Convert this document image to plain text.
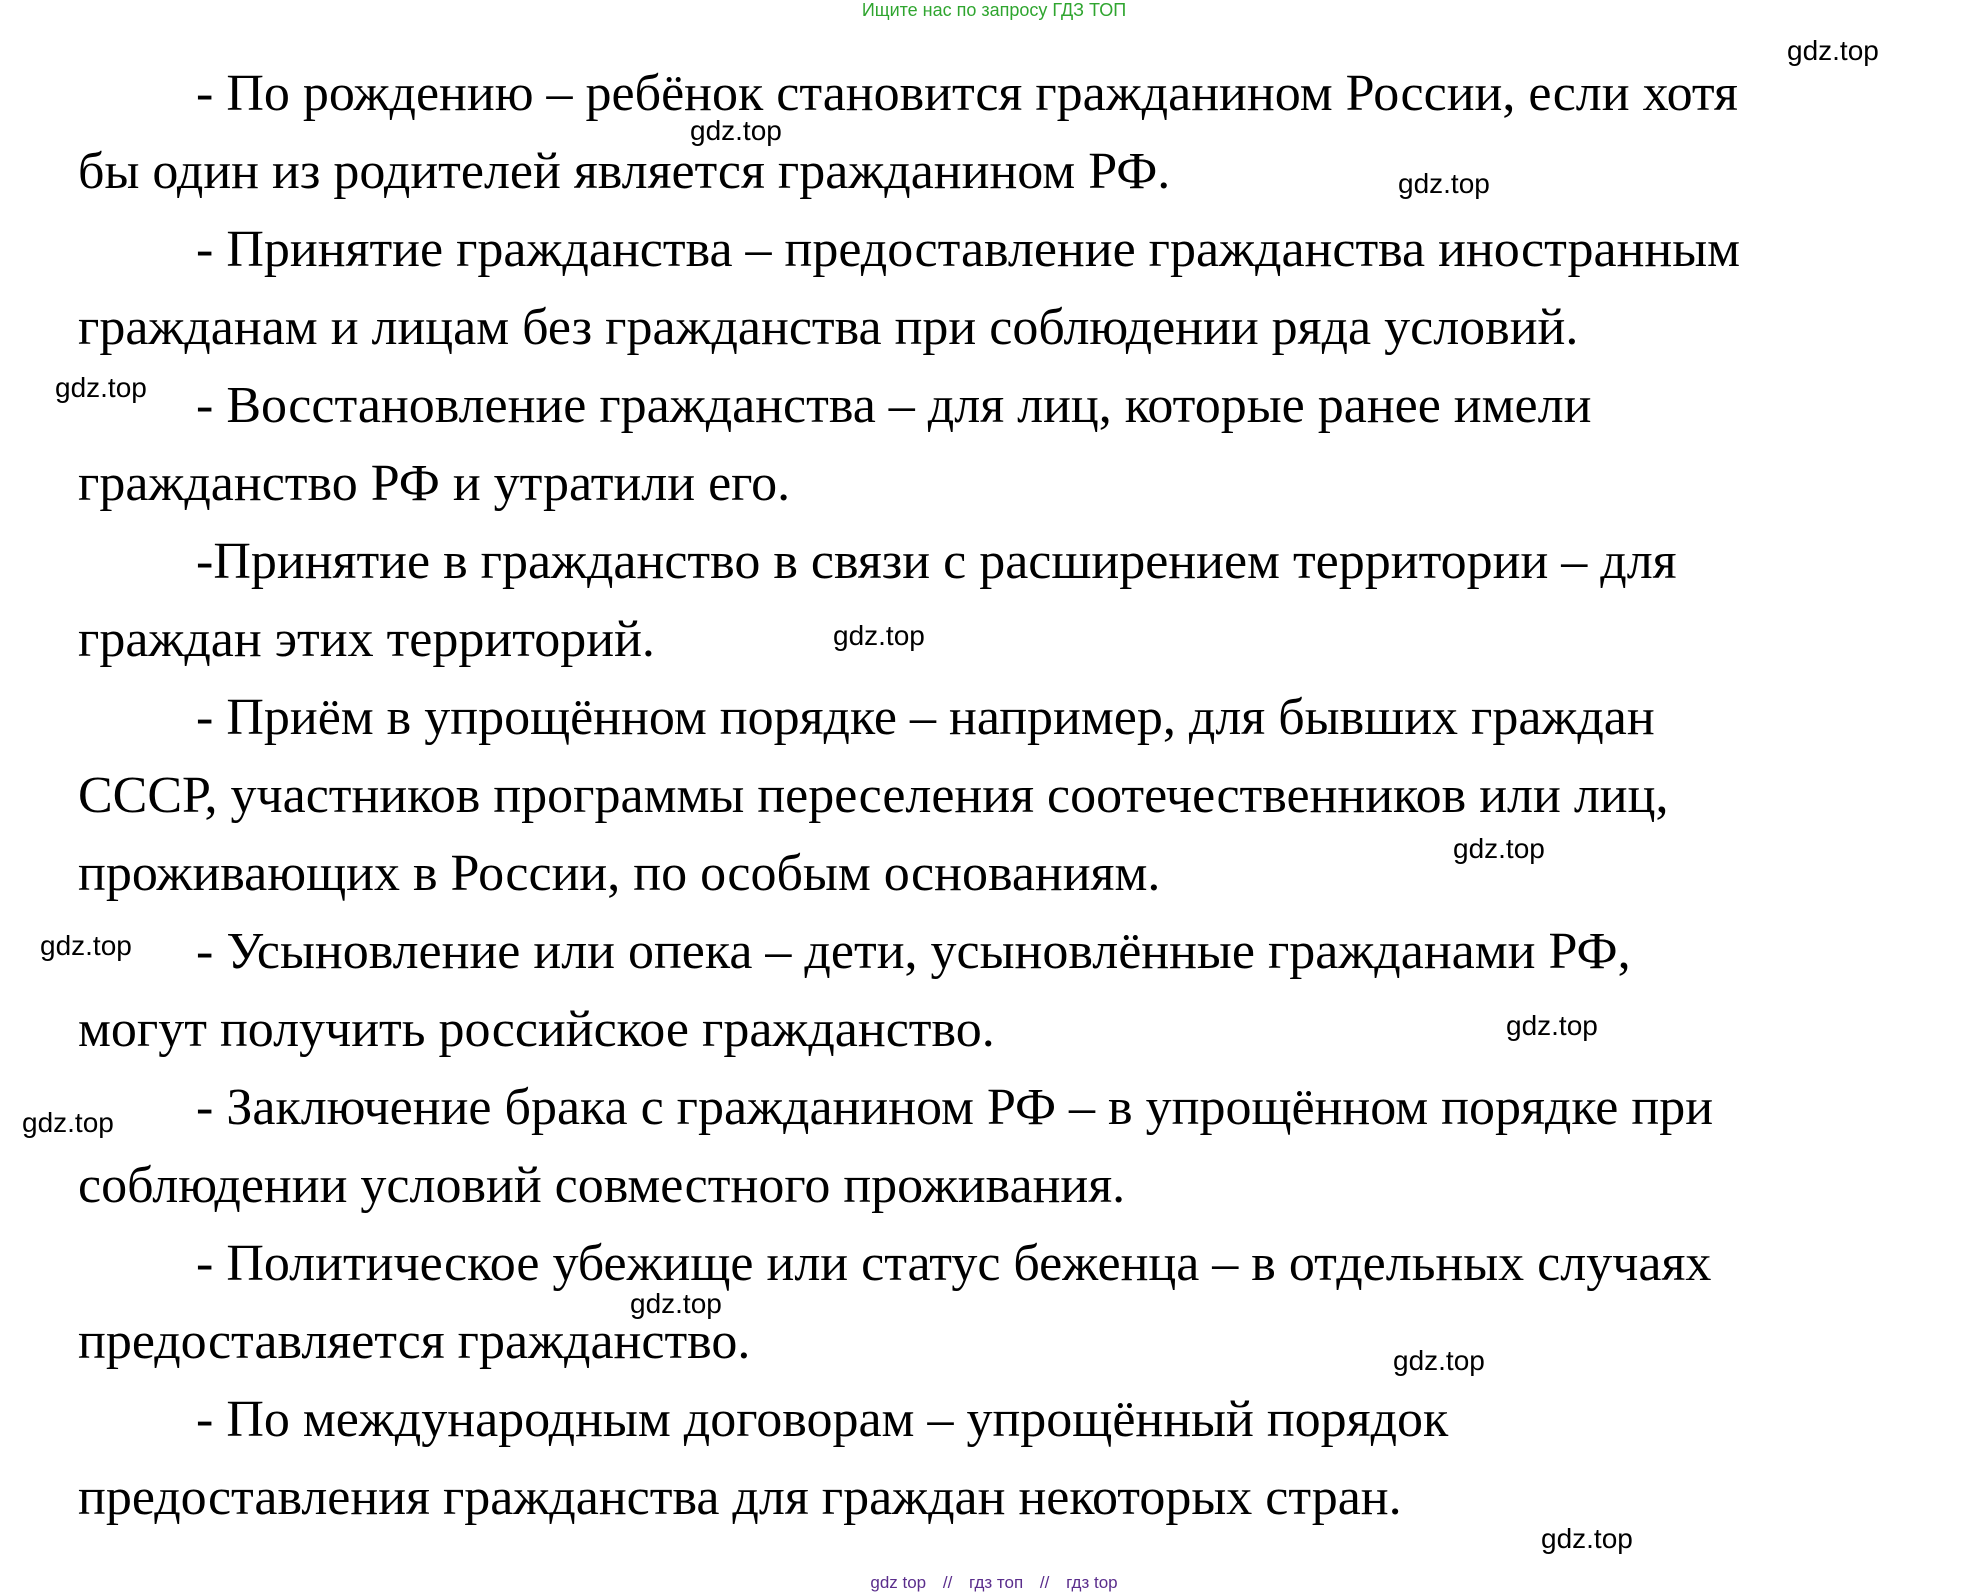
Ищите нас по запросу ГДЗ ТОП

- По рождению – ребёнок становится гражданином России, если хотя
бы один из родителей является гражданином РФ.

- Принятие гражданства – предоставление гражданства иностранным
гражданам и лицам без гражданства при соблюдении ряда условий.

- Восстановление гражданства – для лиц, которые ранее имели
гражданство РФ и утратили его.

-Принятие в гражданство в связи с расширением территории – для
граждан этих территорий.

- Приём в упрощённом порядке – например, для бывших граждан
СССР, участников программы переселения соотечественников или лиц,
проживающих в России, по особым основаниям.

- Усыновление или опека – дети, усыновлённые гражданами РФ,
могут получить российское гражданство.

- Заключение брака с гражданином РФ – в упрощённом порядке при
соблюдении условий совместного проживания.

- Политическое убежище или статус беженца – в отдельных случаях
предоставляется гражданство.

- По международным договорам – упрощённый порядок
предоставления гражданства для граждан некоторых стран.

gdz.top
gdz.top
gdz.top
gdz.top
gdz.top
gdz.top
gdz.top
gdz.top
gdz.top
gdz.top
gdz.top
gdz.top
gdz top // гдз топ // гдз top
